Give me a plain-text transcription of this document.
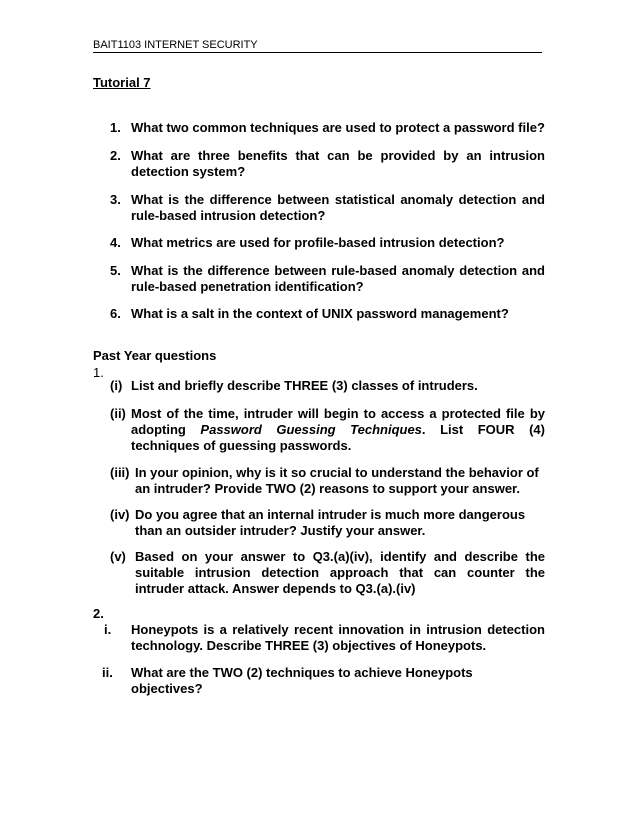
BAIT1103 INTERNET SECURITY
Tutorial 7
1. What two common techniques are used to protect a password file?
2. What are three benefits that can be provided by an intrusion detection system?
3. What is the difference between statistical anomaly detection and rule-based intrusion detection?
4. What metrics are used for profile-based intrusion detection?
5. What is the difference between rule-based anomaly detection and rule-based penetration identification?
6. What is a salt in the context of UNIX password management?
Past Year questions
1.
(i) List and briefly describe THREE (3) classes of intruders.
(ii) Most of the time, intruder will begin to access a protected file by adopting Password Guessing Techniques. List FOUR (4) techniques of guessing passwords.
(iii) In your opinion, why is it so crucial to understand the behavior of an intruder? Provide TWO (2) reasons to support your answer.
(iv) Do you agree that an internal intruder is much more dangerous than an outsider intruder? Justify your answer.
(v) Based on your answer to Q3.(a)(iv), identify and describe the suitable intrusion detection approach that can counter the intruder attack. Answer depends to Q3.(a).(iv)
2.
i. Honeypots is a relatively recent innovation in intrusion detection technology. Describe THREE (3) objectives of Honeypots.
ii. What are the TWO (2) techniques to achieve Honeypots objectives?
